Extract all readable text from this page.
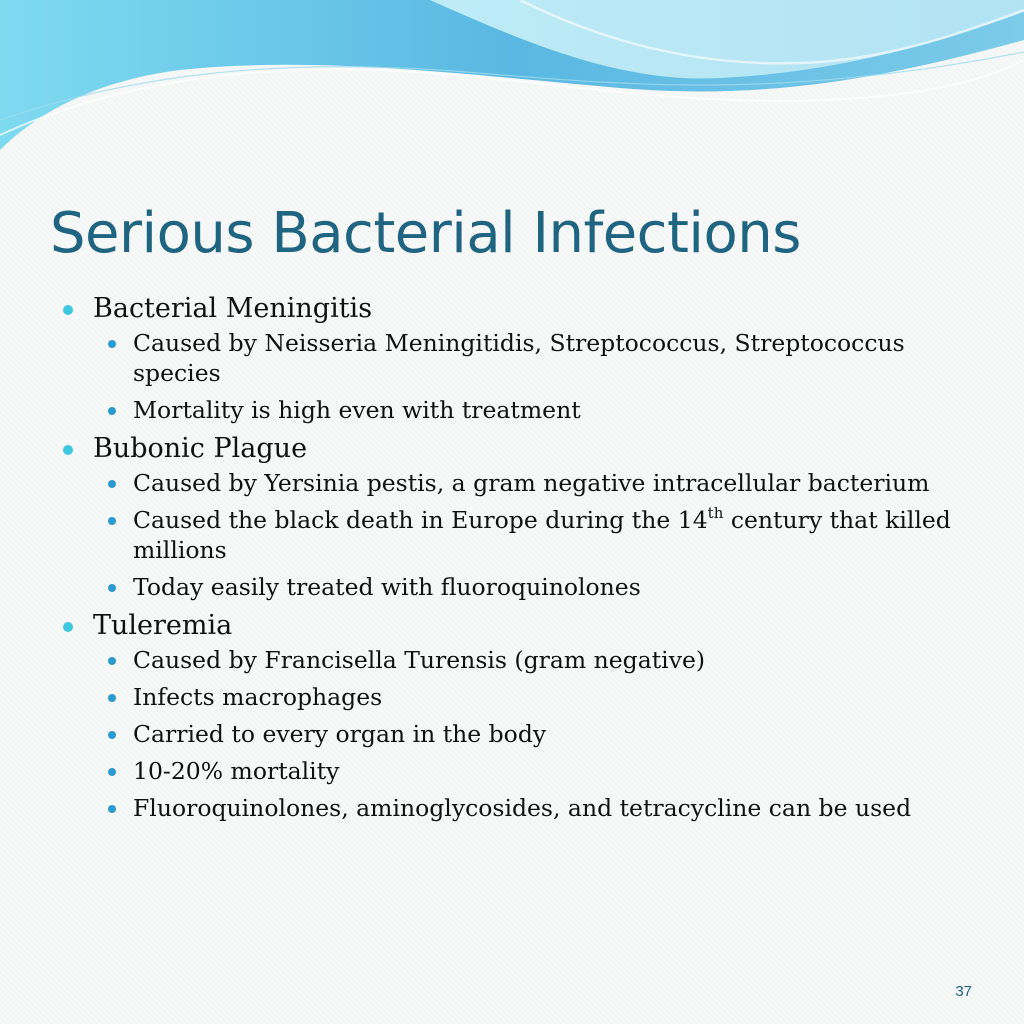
Serious Bacterial Infections
Bacterial Meningitis
Caused by Neisseria Meningitidis, Streptococcus, Streptococcus species
Mortality is high even with treatment
Bubonic Plague
Caused by Yersinia pestis, a gram negative intracellular bacterium
Caused the black death in Europe during the 14th century that killed millions
Today easily treated with fluoroquinolones
Tuleremia
Caused by Francisella Turensis (gram negative)
Infects macrophages
Carried to every organ in the body
10-20% mortality
Fluoroquinolones, aminoglycosides, and tetracycline can be used
37
